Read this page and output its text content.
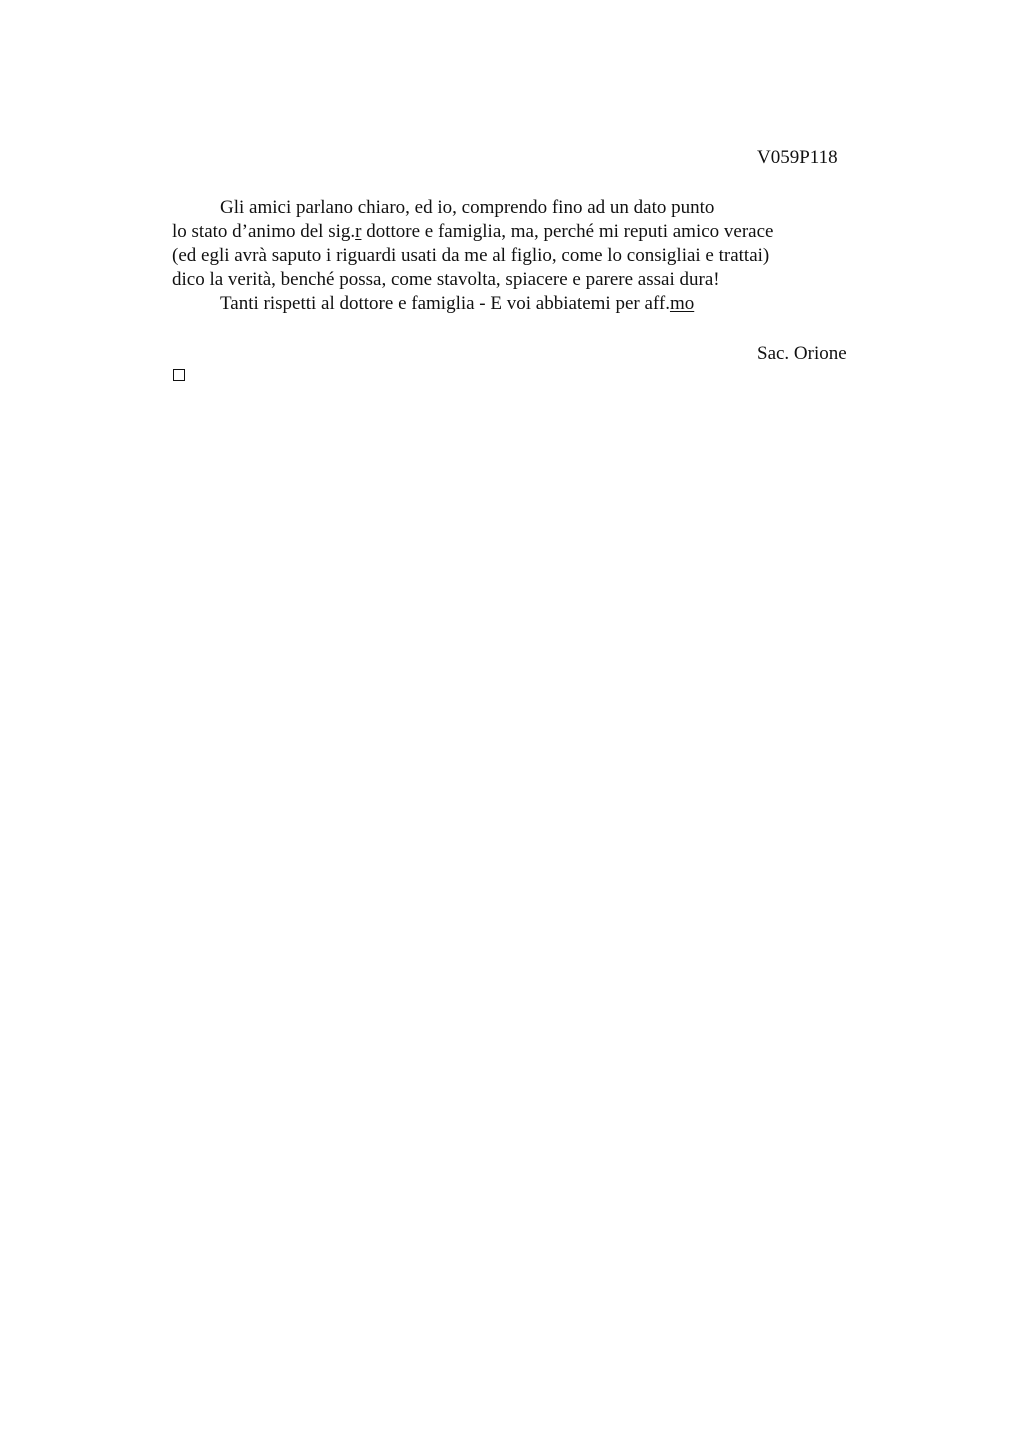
V059P118
Gli amici parlano chiaro, ed io, comprendo fino ad un dato punto
lo stato d’animo del sig.r dottore e famiglia, ma, perché mi reputi amico verace
(ed egli avrà saputo i riguardi usati da me al figlio, come lo consigliai e trattai)
dico la verità, benché possa, come stavolta, spiacere e parere assai dura!
Tanti rispetti al dottore e famiglia - E voi abbiatemi per aff.mo
Sac. Orione
